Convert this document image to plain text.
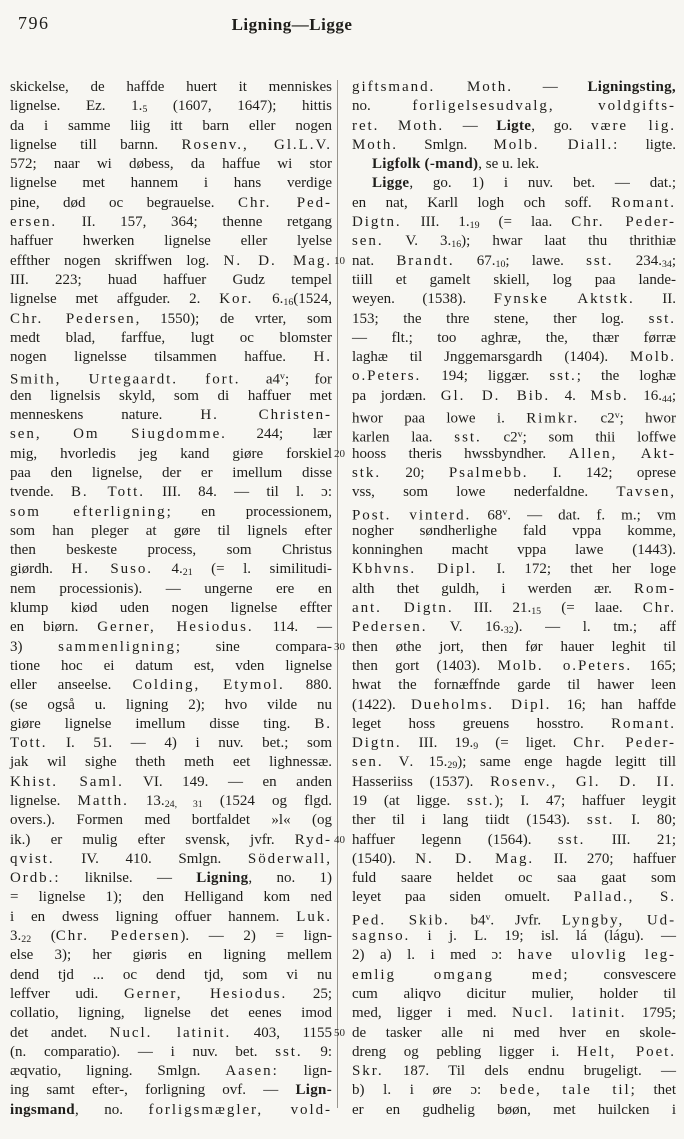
796	Ligning—Ligge
skickelse, de haffde huert it menniskes
lignelse. Ez. 1.5 (1607, 1647); hittis
da i samme liig itt barn eller nogen
lignelse till barnn. Rosenv., Gl.L.V.
572; naar wi døbess, da haffue wi stor
lignelse met hannem i hans verdige
pine, død oc begrauelse. Chr. Ped-
ersen. II. 157, 364; thenne retgang
haffuer hwerken lignelse eller lyelse
effther nogen skriffwen log. N. D. Mag.
III. 223; huad haffuer Gudz tempel
lignelse met affguder. 2. Kor. 6.16(1524,
Chr. Pedersen, 1550); de vrter, som
medt blad, farffue, lugt oc blomster
nogen lignelsse tilsammen haffue. H.
Smith, Urtegaardt. fort. a4$^v$; for
den lignelsis skyld, som di haffuer met
menneskens nature. H. Christen-
sen, Om Siugdomme. 244; lær
mig, hvorledis jeg kand giøre forskiel
paa den lignelse, der er imellum disse
tvende. B. Tott. III. 84. — til l. ɔ:
som efterligning; en processionem,
som han pleger at gøre til lignels efter
then beskeste process, som Christus
giørdh. H. Suso. 4.21 (= l. similitudi-
nem processionis). — ungerne ere en
klump kiød uden nogen lignelse effter
en biørn. Gerner, Hesiodus. 114. —
3) sammenligning; sine compara-
tione hoc ei datum est, vden lignelse
eller anseelse. Colding, Etymol. 880.
(se også u. ligning 2); hvo vilde nu
giøre lignelse imellum disse ting. B.
Tott. I. 51. — 4) i nuv. bet.; som
jak wil sighe theth meth eet lighnessæ.
Khist. Saml. VI. 149. — en anden
lignelse. Matth. 13.24, 31 (1524 og flgd.
overs.). Formen med bortfaldet »l« (og
ik.) er mulig efter svensk, jvfr. Ryd-
qvist. IV. 410. Smlgn. Söderwall,
Ordb.: liknilse. — Ligning, no. 1)
= lignelse 1); den Helligand kom ned
i en dwess ligning offuer hannem. Luk.
3.22 (Chr. Pedersen). — 2) = lign-
else 3); her giøris en ligning mellem
dend tjd ... oc dend tjd, som vi nu
leffver udi. Gerner, Hesiodus. 25;
collatio, ligning, lignelse det eenes imod
det andet. Nucl. latinit. 403, 1155
(n. comparatio). — i nuv. bet. sst. 9:
æqvatio, ligning. Smlgn. Aasen: lign-
ing samt efter-, forligning ovf. — Lign-
ingsmand, no. forligsmægler, vold-
giftsmand. Moth. — Ligningsting,
no. forligelsesudvalg, voldgifts-
ret. Moth. — Ligte, go. være lig.
Moth. Smlgn. Molb. Diall.: ligte.
Ligfolk (-mand), se u. lek.
Ligge, go. 1) i nuv. bet. — dat.;
en nat, Karll logh och soff. Romant.
Digtn. III. 1.19 (= laa. Chr. Peder-
sen. V. 3.16); hwar laat thu thrithiæ
nat. Brandt. 67.10; lawe. sst. 234.34;
10
tiill et gamelt skiell, log paa lande-
weyen. (1538). Fynske Aktstk. II.
153; the thre stene, ther log. sst.
— flt.; too aghræ, the, thær førræ
laghæ til Jnggemarsgardh (1404). Molb.
o.Peters. 194; liggær. sst.; the loghæ
pa jordæn. Gl. D. Bib. 4. Msb. 16.44;
hwor paa lowe i. Rimkr. c2$^v$; hwor
karlen laa. sst. c2$^v$; som thii loffwe
hooss theris hwssbyndher. Allen, Akt-
20
stk. 20; Psalmebb. I. 142; oprese
vss, som lowe nederfaldne. Tavsen,
Post. vinterd. 68$^v$. — dat. f. m.; vm
nogher søndherlighe fald vppa komme,
konninghen macht vppa lawe (1443).
Kbhvns. Dipl. I. 172; thet her loge
alth thet guldh, i werden ær. Rom-
ant. Digtn. III. 21.15 (= laae. Chr.
Pedersen. V. 16.32). — l. tm.; aff
then øthe jort, then før hauer leghit til
30
then gort (1403). Molb. o.Peters. 165;
hwat the fornæffnde garde til hawer leen
(1422). Dueholms. Dipl. 16; han haffde
leget hoss greuens hosstro. Romant.
Digtn. III. 19.9 (= liget. Chr. Peder-
sen. V. 15.29); same enge hagde legitt till
Hasseriiss (1537). Rosenv., Gl. D. II.
19 (at ligge. sst.); I. 47; haffuer leygit
ther til i lang tiidt (1543). sst. I. 80;
haffuer legenn (1564). sst. III. 21;
40
(1540). N. D. Mag. II. 270; haffuer
fuld saare heldet oc saa gaat som
leyet paa siden omuelt. Pallad., S.
Ped. Skib. b4$^v$. Jvfr. Lyngby, Ud-
sagnso. i j. L. 19; isl. lá (lágu). —
2) a) l. i med ɔ: have ulovlig leg-
emlig omgang med; consvescere
cum aliqvo dicitur mulier, holder til
med, ligger i med. Nucl. latinit. 1795;
de tasker alle ni med hver en skole-
50
dreng og pebling ligger i. Helt, Poet.
Skr. 187. Til dels endnu brugeligt. —
b) l. i øre ɔ: bede, tale til; thet
er en gudhelig bøøn, met huilcken i
